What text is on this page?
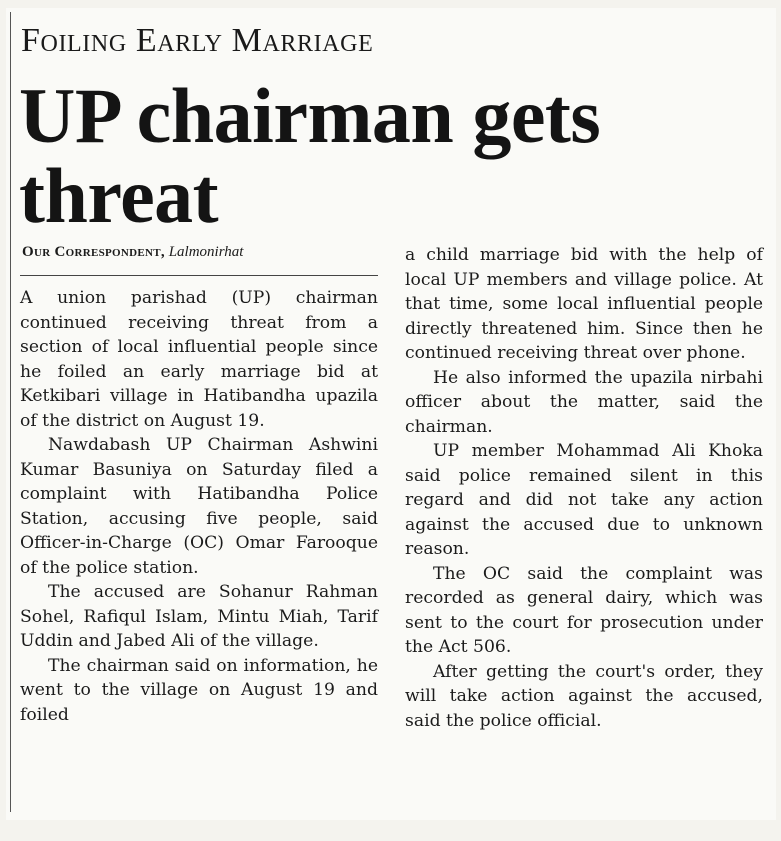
Foiling Early Marriage
UP chairman gets threat
Our Correspondent, Lalmonirhat

A union parishad (UP) chairman continued receiving threat from a section of local influential people since he foiled an early marriage bid at Ketkibari village in Hatibandha upazila of the district on August 19.

Nawdabash UP Chairman Ashwini Kumar Basuniya on Saturday filed a complaint with Hatibandha Police Station, accusing five people, said Officer-in-Charge (OC) Omar Farooque of the police station.

The accused are Sohanur Rahman Sohel, Rafiqul Islam, Mintu Miah, Tarif Uddin and Jabed Ali of the village.

The chairman said on information, he went to the village on August 19 and foiled

a child marriage bid with the help of local UP members and village police. At that time, some local influential people directly threatened him. Since then he continued receiving threat over phone.

He also informed the upazila nirbahi officer about the matter, said the chairman.

UP member Mohammad Ali Khoka said police remained silent in this regard and did not take any action against the accused due to unknown reason.

The OC said the complaint was recorded as general dairy, which was sent to the court for prosecution under the Act 506.

After getting the court's order, they will take action against the accused, said the police official.
